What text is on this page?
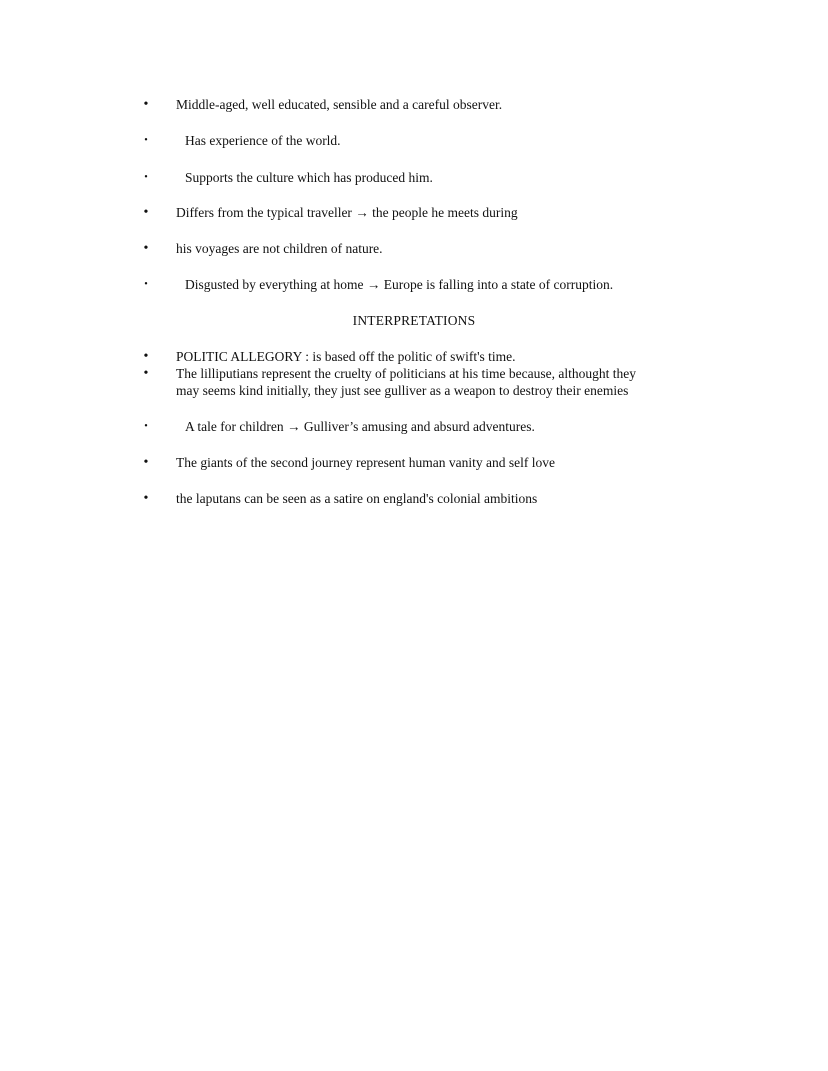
• Middle-aged, well educated, sensible and a careful observer.
•	Has experience of the world.
•	Supports the culture which has produced him.
• Differs from the typical traveller → the people he meets during
• his voyages are not children of nature.
•	Disgusted by everything at home → Europe is falling into a state of corruption.
INTERPRETATIONS
• POLITIC ALLEGORY : is based off the politic of swift's time.
• The lilliputians represent the cruelty of politicians at his time because, althought they
may seems kind initially, they just see gulliver as a weapon to destroy their enemies
•	A tale for children → Gulliver’s amusing and absurd adventures.
• The giants of the second journey represent human vanity and self love
• the laputans can be seen as a satire on england's colonial ambitions
